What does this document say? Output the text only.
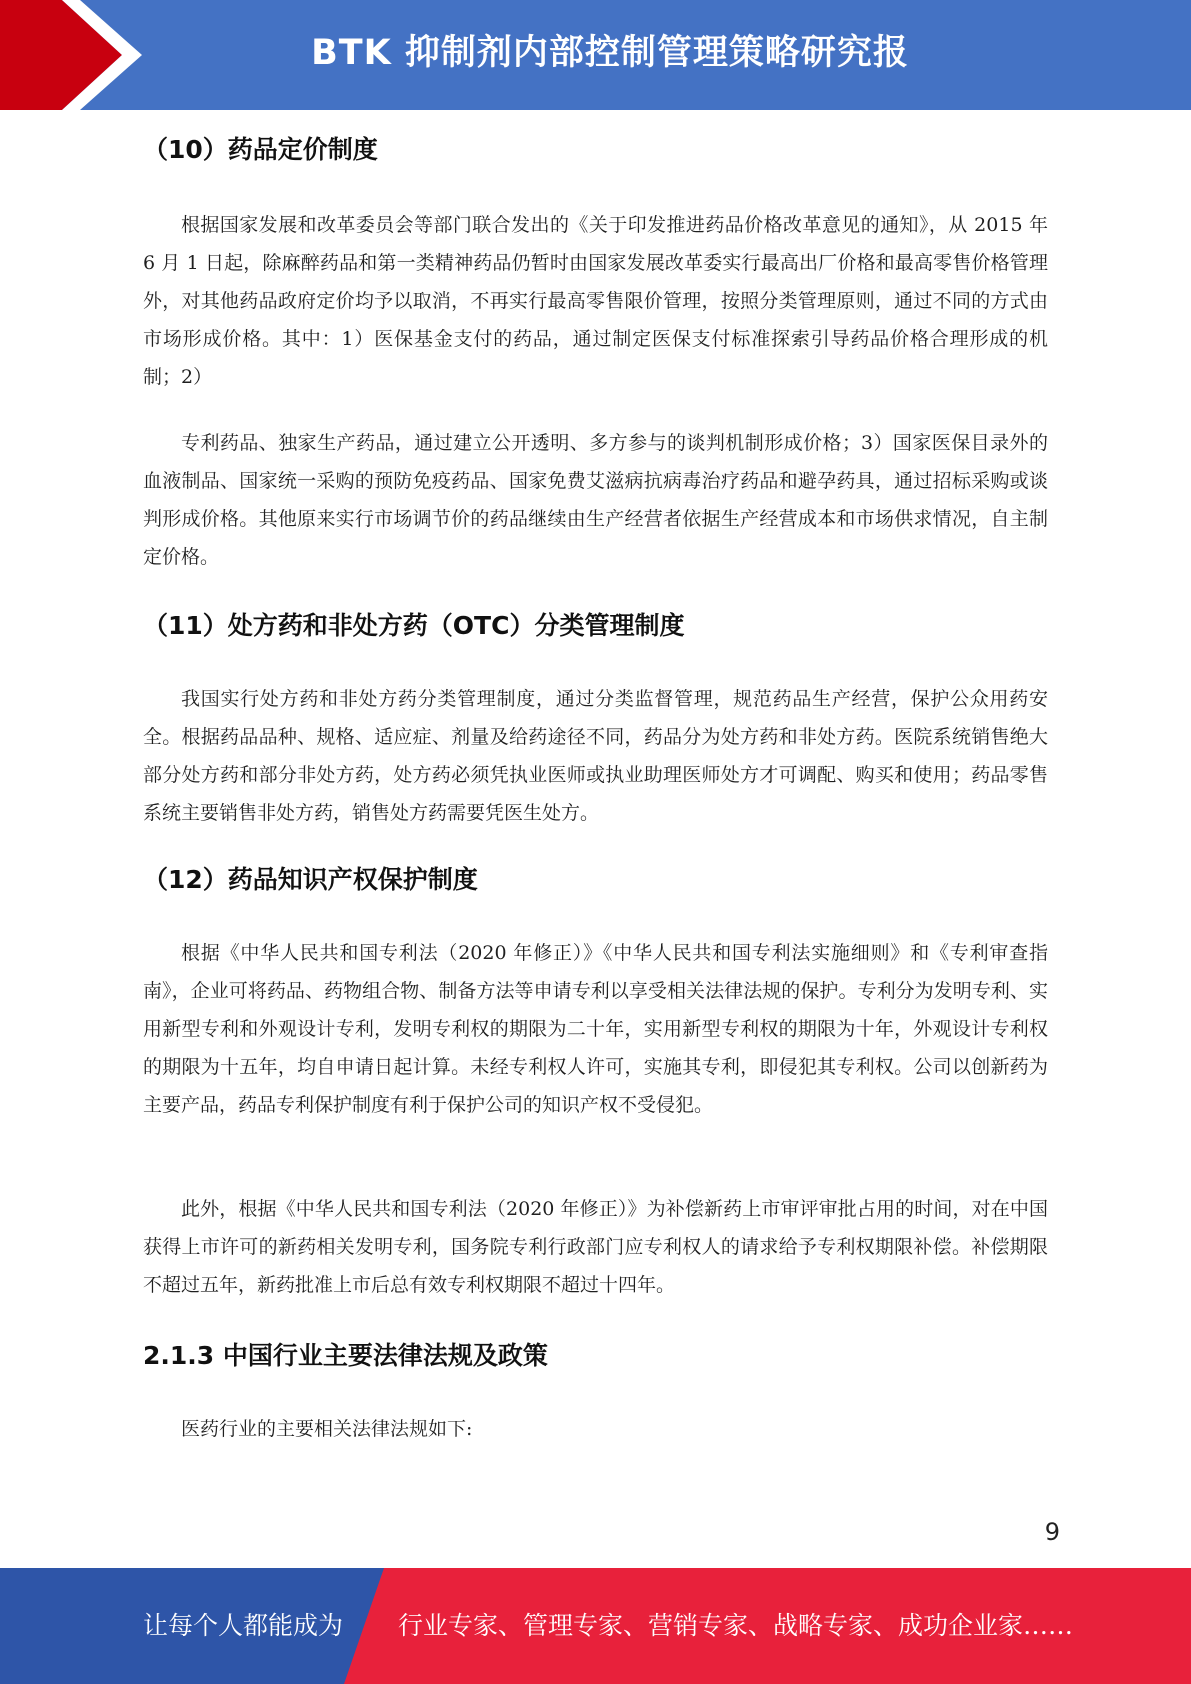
BTK 抑制剂内部控制管理策略研究报告
（10）药品定价制度

根据国家发展和改革委员会等部门联合发出的《关于印发推进药品价格改革意见的通知》，从 2015 年 6 月 1 日起，除麻醉药品和第一类精神药品仍暂时由国家发展改革委实行最高出厂价格和最高零售价格管理外，对其他药品政府定价均予以取消，不再实行最高零售限价管理，按照分类管理原则，通过不同的方式由市场形成价格。其中：1）医保基金支付的药品，通过制定医保支付标准探索引导药品价格合理形成的机制；2）

专利药品、独家生产药品，通过建立公开透明、多方参与的谈判机制形成价格；3）国家医保目录外的血液制品、国家统一采购的预防免疫药品、国家免费艾滋病抗病毒治疗药品和避孕药具，通过招标采购或谈判形成价格。其他原来实行市场调节价的药品继续由生产经营者依据生产经营成本和市场供求情况，自主制定价格。

（11）处方药和非处方药（OTC）分类管理制度

我国实行处方药和非处方药分类管理制度，通过分类监督管理，规范药品生产经营，保护公众用药安全。根据药品品种、规格、适应症、剂量及给药途径不同，药品分为处方药和非处方药。医院系统销售绝大部分处方药和部分非处方药，处方药必须凭执业医师或执业助理医师处方才可调配、购买和使用；药品零售系统主要销售非处方药，销售处方药需要凭医生处方。

（12）药品知识产权保护制度

根据《中华人民共和国专利法（2020 年修正）》《中华人民共和国专利法实施细则》和《专利审查指南》，企业可将药品、药物组合物、制备方法等申请专利以享受相关法律法规的保护。专利分为发明专利、实用新型专利和外观设计专利，发明专利权的期限为二十年，实用新型专利权的期限为十年，外观设计专利权的期限为十五年，均自申请日起计算。未经专利权人许可，实施其专利，即侵犯其专利权。公司以创新药为主要产品，药品专利保护制度有利于保护公司的知识产权不受侵犯。

此外，根据《中华人民共和国专利法（2020 年修正）》为补偿新药上市审评审批占用的时间，对在中国获得上市许可的新药相关发明专利，国务院专利行政部门应专利权人的请求给予专利权期限补偿。补偿期限不超过五年，新药批准上市后总有效专利权期限不超过十四年。

2.1.3 中国行业主要法律法规及政策

医药行业的主要相关法律法规如下:

9
让每个人都能成为 行业专家、管理专家、营销专家、战略专家、成功企业家……
